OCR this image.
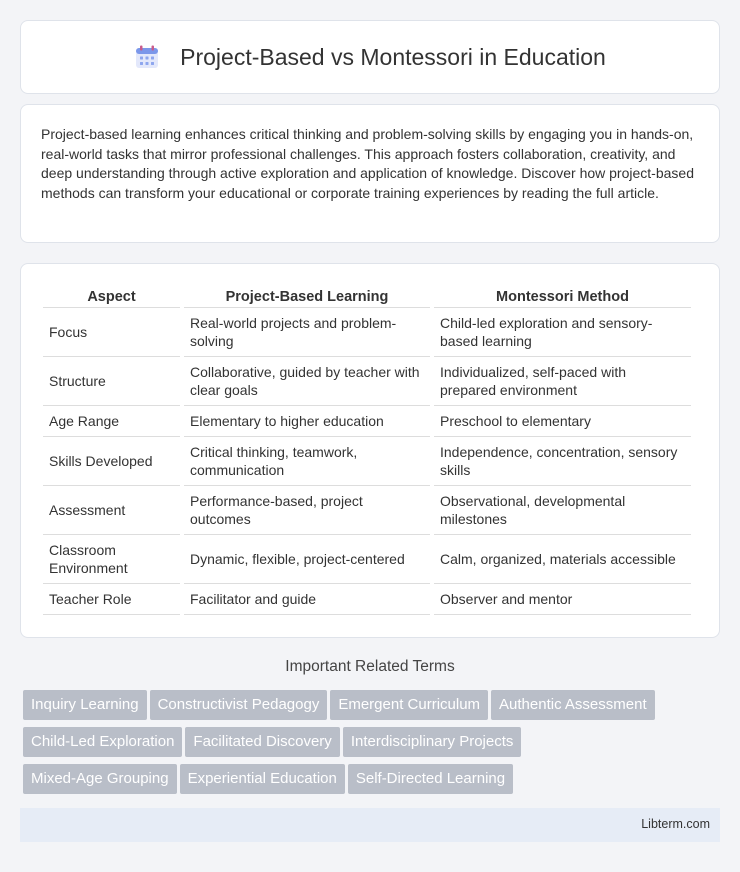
Project-Based vs Montessori in Education

Project-based learning enhances critical thinking and problem-solving skills by engaging you in hands-on, real-world tasks that mirror professional challenges. This approach fosters collaboration, creativity, and deep understanding through active exploration and application of knowledge. Discover how project-based methods can transform your educational or corporate training experiences by reading the full article.

Aspect	Project-Based Learning	Montessori Method
Focus	Real-world projects and problem-solving	Child-led exploration and sensory-based learning
Structure	Collaborative, guided by teacher with clear goals	Individualized, self-paced with prepared environment
Age Range	Elementary to higher education	Preschool to elementary
Skills Developed	Critical thinking, teamwork, communication	Independence, concentration, sensory skills
Assessment	Performance-based, project outcomes	Observational, developmental milestones
Classroom Environment	Dynamic, flexible, project-centered	Calm, organized, materials accessible
Teacher Role	Facilitator and guide	Observer and mentor
Important Related Terms
Inquiry Learning Constructivist Pedagogy Emergent Curriculum Authentic Assessment
Child-Led Exploration Facilitated Discovery Interdisciplinary Projects
Mixed-Age Grouping Experiential Education Self-Directed Learning
Libterm.com
